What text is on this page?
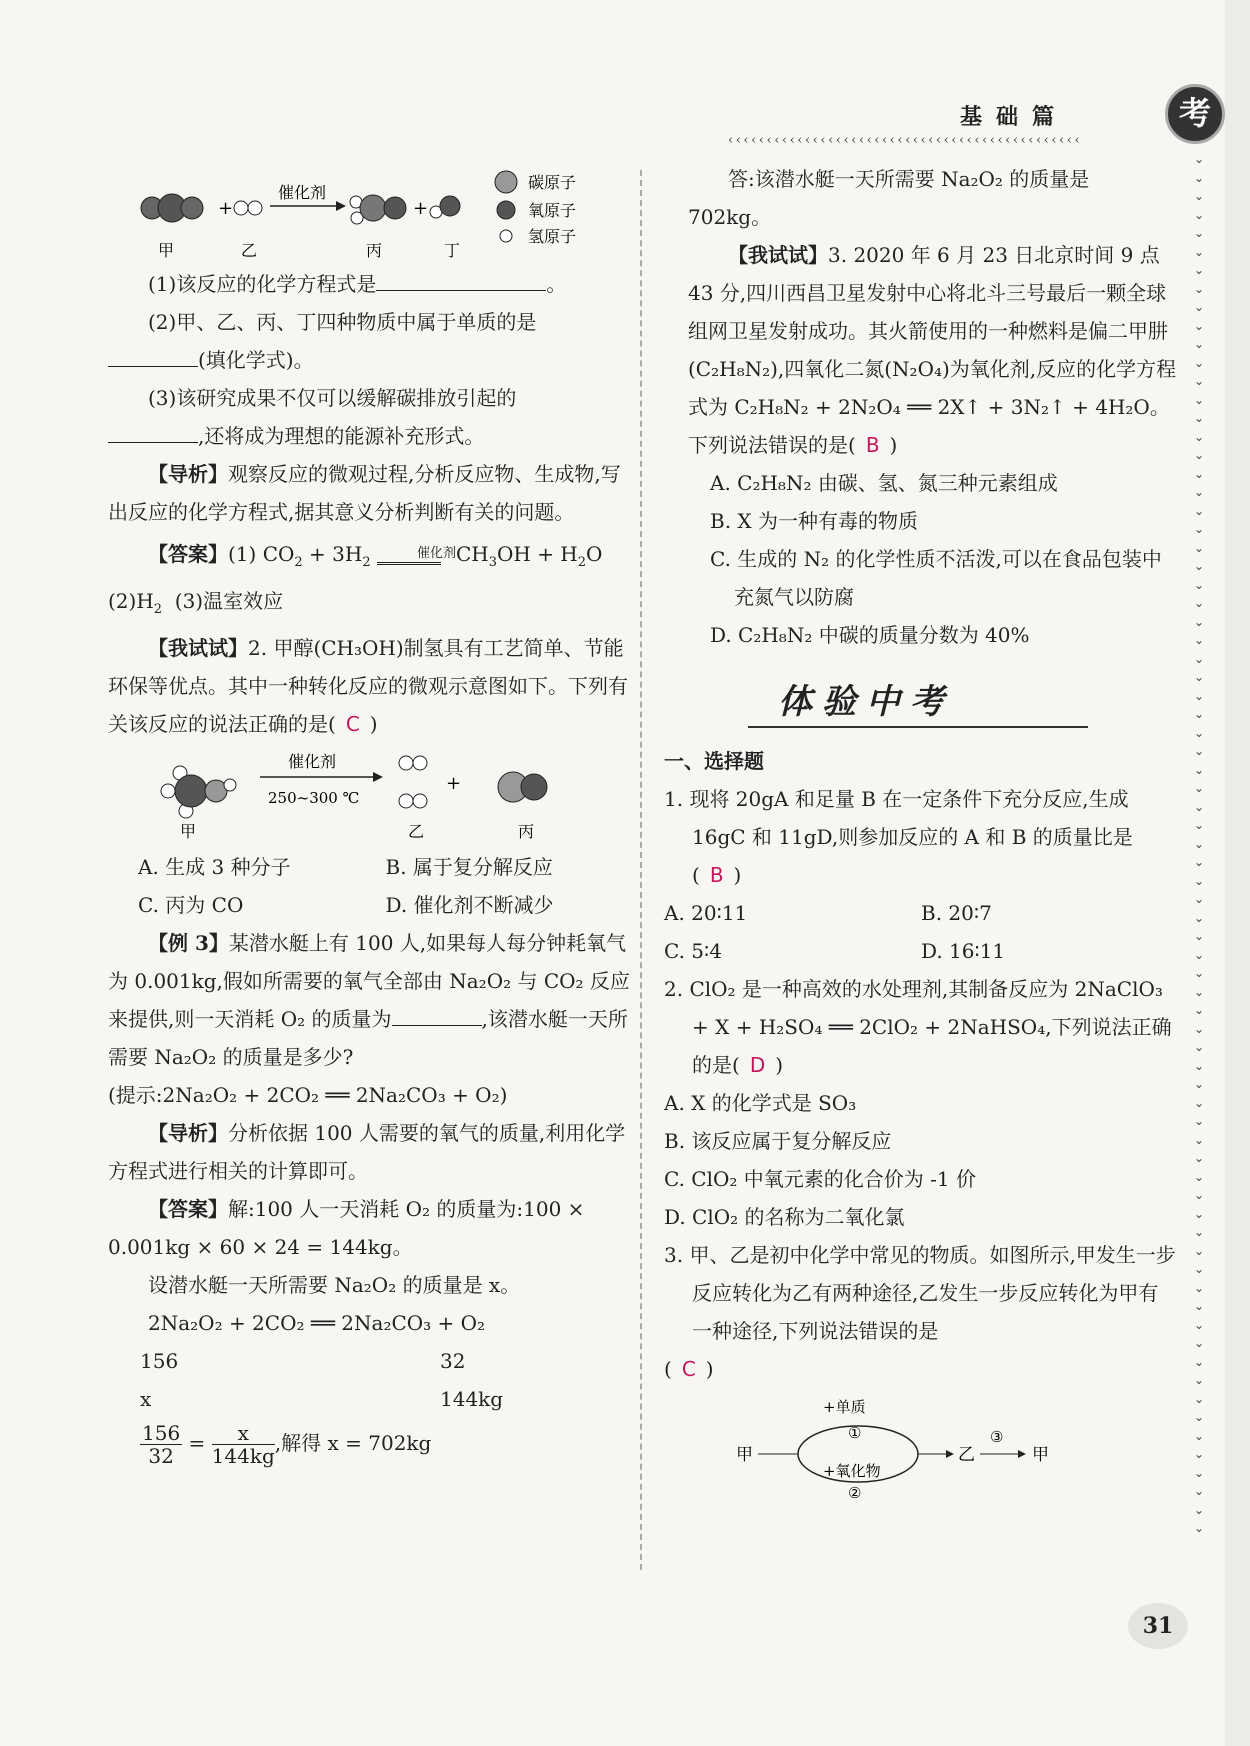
基础篇	考
‹‹‹‹‹‹‹‹‹‹‹‹‹‹‹‹‹‹‹‹‹‹‹‹‹‹‹‹‹‹‹‹‹‹‹‹‹‹‹‹‹‹‹‹‹‹
⌄
⌄
⌄
⌄
⌄
⌄
⌄
⌄
⌄
⌄
⌄
⌄
⌄
⌄
⌄
⌄
⌄
⌄
⌄
⌄
⌄
⌄
⌄
⌄
⌄
⌄
⌄
⌄
⌄
⌄
⌄
⌄
⌄
⌄
⌄
⌄
⌄
⌄
⌄
⌄
⌄
⌄
⌄
⌄
⌄
⌄
⌄
⌄
⌄
⌄
⌄
⌄
⌄
⌄
⌄
⌄
⌄
⌄
⌄
⌄
⌄
⌄
⌄
⌄
⌄
⌄
⌄
⌄
⌄
⌄
⌄
⌄
⌄
⌄
⌄
+
催化剂
+
碳原子
氧原子
氢原子
甲	乙	丙	丁

(1)该反应的化学方程式是	。

(2)甲、乙、丙、丁四种物质中属于单质的是

(填化学式)。

(3)该研究成果不仅可以缓解碳排放引起的

,还将成为理想的能源补充形式。

【导析】观察反应的微观过程,分析反应物、生成物,写出反应的化学方程式,据其意义分析判断有关的问题。

【答案】(1) $CO_2 + 3H_2$
催化剂 $CH_3OH + H_2O$

$(2)H_2$ (3)温室效应

【我试试】2. 甲醇(CH₃OH)制氢具有工艺简单、节能环保等优点。其中一种转化反应的微观示意图如下。下列有关该反应的说法正确的是( C )

催化剂
250~300 ℃
+
甲	乙	丙
A. 生成 3 种分子	B. 属于复分解反应
C. 丙为 CO	D. 催化剂不断减少

【例 3】某潜水艇上有 100 人,如果每人每分钟耗氧气为 0.001kg,假如所需要的氧气全部由 Na₂O₂ 与 CO₂ 反应来提供,则一天消耗 O₂ 的质量为	,该潜水艇一天所需要 Na₂O₂ 的质量是多少?

(提示:2Na₂O₂ + 2CO₂ ══ 2Na₂CO₃ + O₂)

【导析】分析依据 100 人需要的氧气的质量,利用化学方程式进行相关的计算即可。

【答案】解:100 人一天消耗 O₂ 的质量为:100 × 0.001kg × 60 × 24 = 144kg。

设潜水艇一天所需要 Na₂O₂ 的质量是 x。

2Na₂O₂ + 2CO₂ ══ 2Na₂CO₃ + O₂

156	32
x	144kg

$\frac{156}{32} = \frac{x}{144kg}$,解得 x = 702kg

答:该潜水艇一天所需要 Na₂O₂ 的质量是 702kg。

【我试试】3. 2020 年 6 月 23 日北京时间 9 点 43 分,四川西昌卫星发射中心将北斗三号最后一颗全球组网卫星发射成功。其火箭使用的一种燃料是偏二甲肼(C₂H₈N₂),四氧化二氮(N₂O₄)为氧化剂,反应的化学方程式为 C₂H₈N₂ + 2N₂O₄ ══ 2X↑ + 3N₂↑ + 4H₂O。下列说法错误的是( B )

A. C₂H₈N₂ 由碳、氢、氮三种元素组成

B. X 为一种有毒的物质

C. 生成的 N₂ 的化学性质不活泼,可以在食品包装中充氮气以防腐

D. C₂H₈N₂ 中碳的质量分数为 40%

体验中考

一、选择题

1. 现将 20gA 和足量 B 在一定条件下充分反应,生成 16gC 和 11gD,则参加反应的 A 和 B 的质量比是( B )

A. 20∶11	B. 20∶7
C. 5∶4	D. 16∶11

2. ClO₂ 是一种高效的水处理剂,其制备反应为 2NaClO₃ + X + H₂SO₄ ══ 2ClO₂ + 2NaHSO₄,下列说法正确的是( D )

A. X 的化学式是 SO₃

B. 该反应属于复分解反应

C. ClO₂ 中氧元素的化合价为 -1 价

D. ClO₂ 的名称为二氧化氯

3. 甲、乙是初中化学中常见的物质。如图所示,甲发生一步反应转化为乙有两种途径,乙发生一步反应转化为甲有一种途径,下列说法错误的是

( C )

甲
+单质
①
+氧化物
②
乙
③
甲
31
